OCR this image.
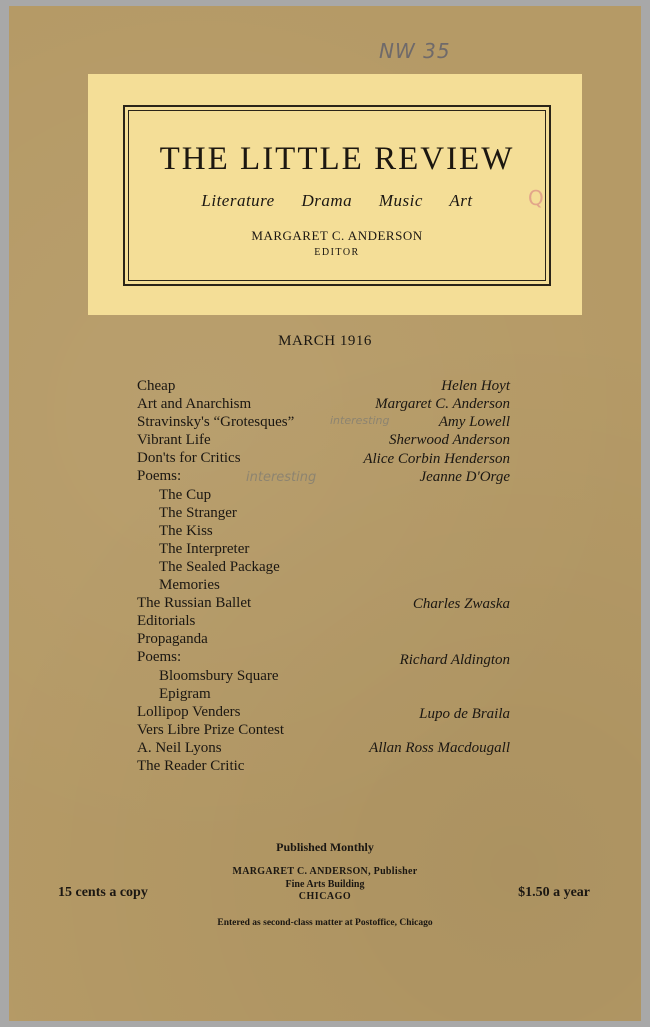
NW 35
THE LITTLE REVIEW
Literature Drama Music Art
MARGARET C. ANDERSON
EDITOR
Q
MARCH 1916
Cheap
Art and Anarchism
Stravinsky's “Grotesques”
Vibrant Life
Don'ts for Critics
Poems:
The Cup
The Stranger
The Kiss
The Interpreter
The Sealed Package
Memories
The Russian Ballet
Editorials
Propaganda
Poems:
Bloomsbury Square
Epigram
Lollipop Venders
Vers Libre Prize Contest
A. Neil Lyons
The Reader Critic
Helen Hoyt
Margaret C. Anderson
Amy Lowell
Sherwood Anderson
Alice Corbin Henderson
Jeanne D'Orge
Charles Zwaska
Richard Aldington
Lupo de Braila
Allan Ross Macdougall
interesting
interesting
Published Monthly
MARGARET C. ANDERSON, Publisher
Fine Arts Building
CHICAGO
15 cents a copy	$1.50 a year
Entered as second-class matter at Postoffice, Chicago
